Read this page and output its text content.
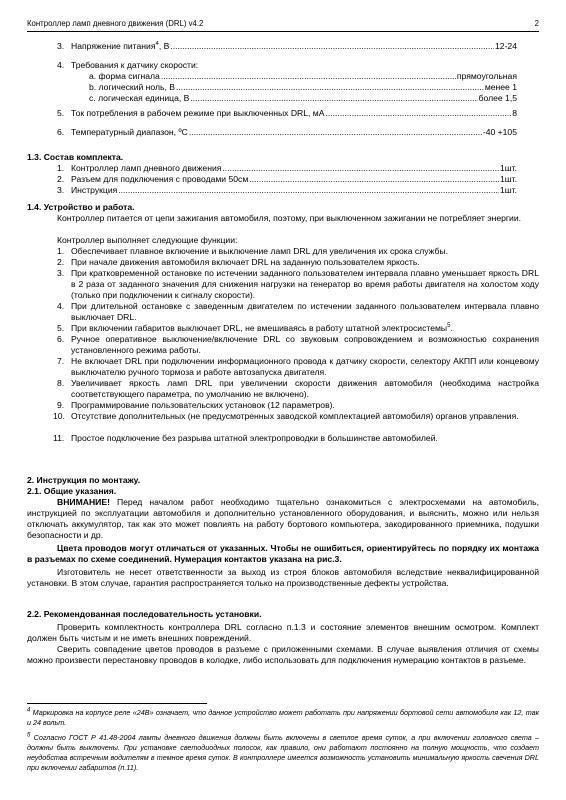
Контроллер ламп дневного движения (DRL) v4.2	2
3. Напряжение питания$^4$, В .....	12-24
4. Требования к датчику скорости:
a. форма сигнала .....	прямоугольная
b. логический ноль, В .....	менее 1
c. логическая единица, В .....	более 1,5
5. Ток потребления в рабочем режиме при выключенных DRL, мА .....	8
6. Температурный диапазон, ºС .....	-40 +105
1.3. Состав комплекта.
1. Контроллер ламп дневного движения .....	1шт.
2. Разъем для подключения с проводами 50см .....	1шт.
3. Инструкция .....	1шт.
1.4. Устройство и работа.
Контроллер питается от цепи зажигания автомобиля, поэтому, при выключенном зажигании не потребляет энергии.
Контроллер выполняет следующие функции:
1. Обеспечивает плавное включение и выключение ламп DRL для увеличения их срока службы.
2. При начале движения автомобиля включает DRL на заданную пользователем яркость.
3. При кратковременной остановке по истечении заданного пользователем интервала плавно уменьшает яркость DRL в 2 раза от заданного значения для снижения нагрузки на генератор во время работы двигателя на холостом ходу (только при подключении к сигналу скорости).
4. При длительной остановке с заведенным двигателем по истечении заданного пользователем интервала плавно выключает DRL.
5. При включении габаритов выключает DRL, не вмешиваясь в работу штатной электросистемы$^5$.
6. Ручное оперативное выключение/включение DRL со звуковым сопровождением и возможностью сохранения установленного режима работы.
7. Не включает DRL при подключении информационного провода к датчику скорости, селектору АКПП или концевому выключателю ручного тормоза и работе автозапуска двигателя.
8. Увеличивает яркость ламп DRL при увеличении скорости движения автомобиля (необходима настройка соответствующего параметра, по умолчанию не включено).
9. Программирование пользовательских установок (12 параметров).
10. Отсутствие дополнительных (не предусмотренных заводской комплектацией автомобиля) органов управления.
11. Простое подключение без разрыва штатной электропроводки в большинстве автомобилей.
2. Инструкция по монтажу.
2.1. Общие указания.
ВНИМАНИЕ! Перед началом работ необходимо тщательно ознакомиться с электросхемами на автомобиль, инструкцией по эксплуатации автомобиля и дополнительно установленного оборудования, и выяснить, можно или нельзя отключать аккумулятор, так как это может повлиять на работу бортового компьютера, закодированного приемника, подушки безопасности и др.
Цвета проводов могут отличаться от указанных. Чтобы не ошибиться, ориентируйтесь по порядку их монтажа в разъемах по схеме соединений. Нумерация контактов указана на рис.3.
Изготовитель не несет ответственности за выход из строя блоков автомобиля вследствие неквалифицированной установки. В этом случае, гарантия распространяется только на производственные дефекты устройства.
2.2. Рекомендованная последовательность установки.
Проверить комплектность контроллера DRL согласно п.1.3 и состояние элементов внешним осмотром. Комплект должен быть чистым и не иметь внешних повреждений.
Сверить совпадение цветов проводов в разъеме с приложенными схемами. В случае выявления отличия от схемы можно произвести перестановку проводов в колодке, либо использовать для подключения нумерацию контактов в разъеме.
$^4$ Маркировка на корпусе реле «24В» означает, что данное устройство может работать при напряжении бортовой сети автомобиля как 12, так и 24 вольт.
$^5$ Согласно ГОСТ Р 41.48-2004 лампы дневного движения должны быть включены в светлое время суток, а при включении головного света – должны быть выключены. При установке светодиодных полосок, как правило, они работают постоянно на полную мощность, что создает неудобства встречным водителям в темное время суток. В контроллере имеется возможность установить минимальную яркость свечения DRL при включении габаритов (п.11).
